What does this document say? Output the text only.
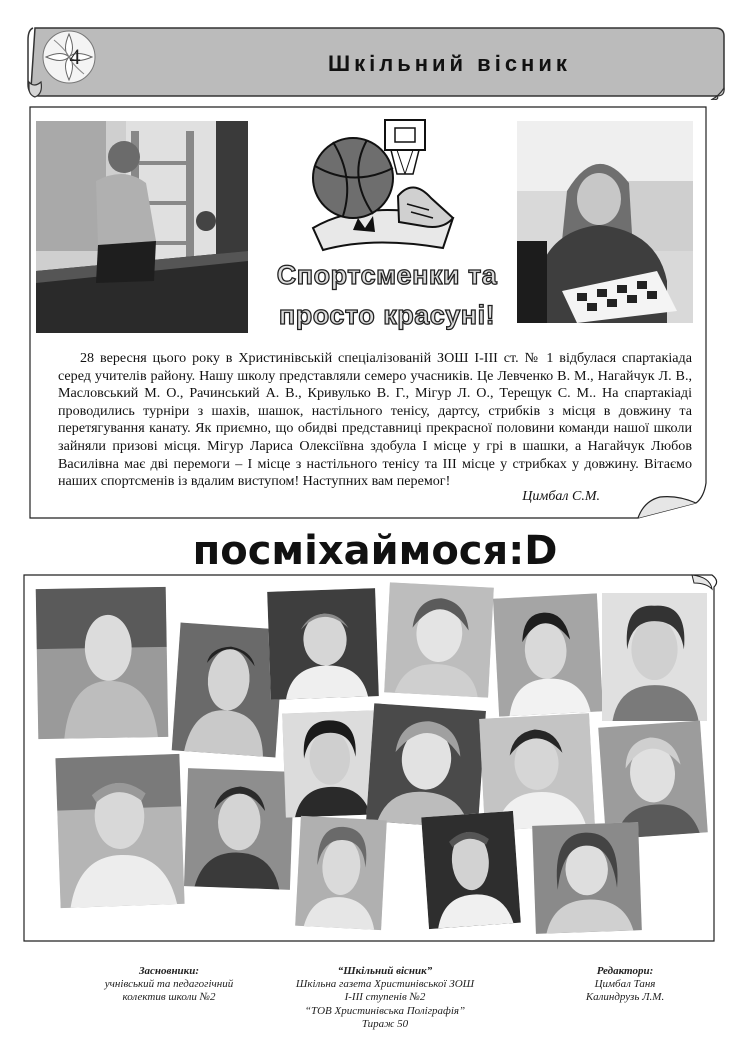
4	Шкільний вісник
Спортсменки та
просто красуні!

28 вересня цього року в Христинівській спеціалізованій ЗОШ І-ІІІ ст. № 1 відбулася спартакіада серед учителів району. Нашу школу представляли семеро учасників. Це Левченко В. М., Нагайчук Л. В., Масловський М. О., Рачинський А. В., Кривулько В. Г., Мігур Л. О., Терещук С. М.. На спартакіаді проводились турніри з шахів, шашок, настільного тенісу, дартсу, стрибків з місця в довжину та перетягування канату. Як приємно, що обидві представниці прекрасної половини команди нашої школи зайняли призові місця. Мігур Лариса Олексіївна здобула І місце у грі в шашки, а Нагайчук Любов Василівна має дві перемоги – І місце з настільного тенісу та ІІІ місце у стрибках у довжину. Вітаємо наших спортсменів із вдалим виступом! Наступних вам перемог!

Цимбал С.М.
посміхаймося:D
Засновники:
учнівський та педагогічний
колектив школи №2
“Шкільний вісник”
Шкільна газета Христинівської ЗОШ
І-ІІІ ступенів №2
“ТОВ Христинівська Поліграфія”
Тираж 50
Редактори:
Цимбал Таня
Калиндрузь Л.М.
